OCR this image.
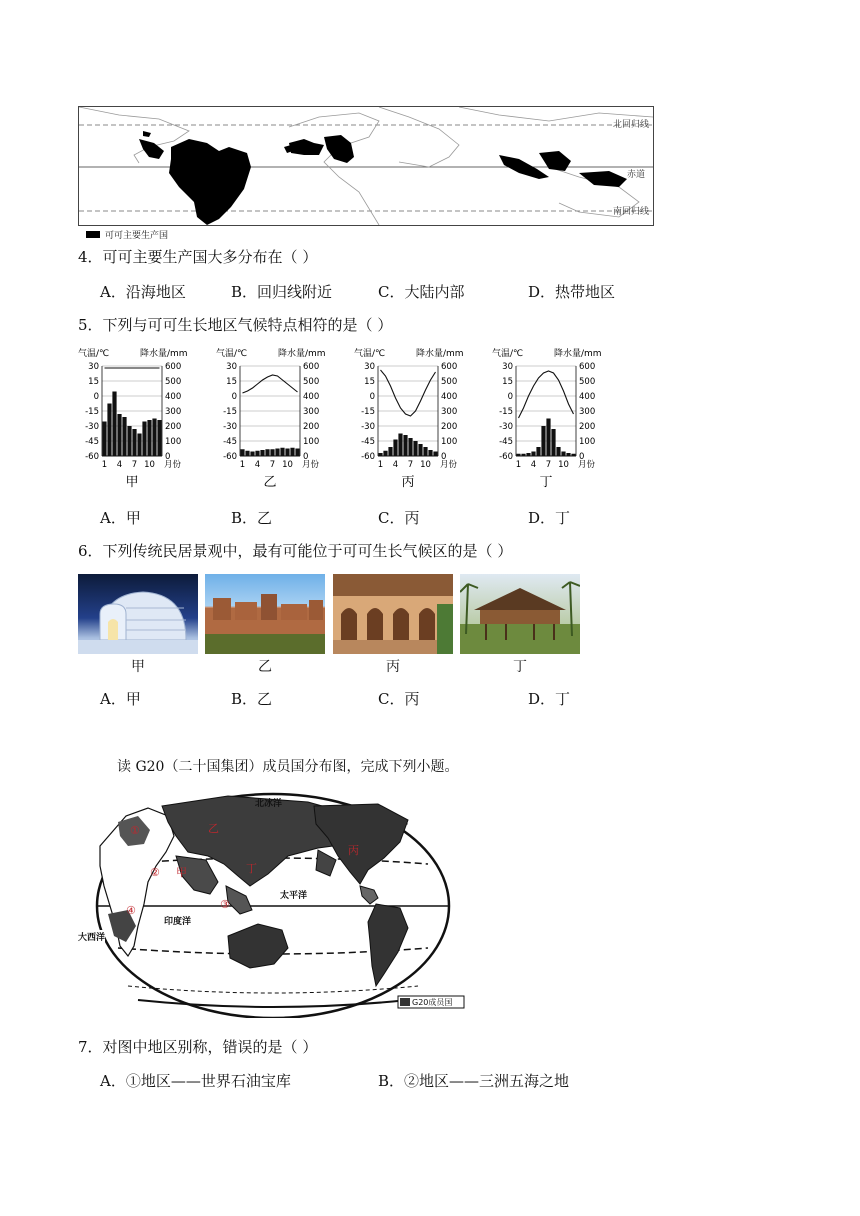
北回归线
赤道
南回归线
可可主要生产国
4．可可主要生产国大多分布在（ ）
A．沿海地区	B．回归线附近	C．大陆内部	D．热带地区
5．下列与可可生长地区气候特点相符的是（ ）
气温/℃	降水量/mm
30	600
15	500
0	400
-15	300
-30	200
-45	100
-60	0
1 4 7 10 月份
甲
气温/℃	降水量/mm
30	600
15	500
0	400
-15	300
-30	200
-45	100
-60	0
1 4 7 10 月份
乙
气温/℃	降水量/mm
30	600
15	500
0	400
-15	300
-30	200
-45	100
-60	0
1 4 7 10 月份
丙
气温/℃	降水量/mm
30	600
15	500
0	400
-15	300
-30	200
-45	100
-60	0
1 4 7 10 月份
丁
A．甲	B．乙	C．丙	D．丁
6．下列传统民居景观中，最有可能位于可可生长气候区的是（ ）
甲	乙	丙	丁
A．甲	B．乙	C．丙	D．丁
读 G20（二十国集团）成员国分布图，完成下列小题。
北冰洋
太平洋
印度洋
大西洋
乙
丙
甲	丁
①
②
③
④
G20成员国
7．对图中地区别称，错误的是（ ）
A．①地区——世界石油宝库	B．②地区——三洲五海之地
